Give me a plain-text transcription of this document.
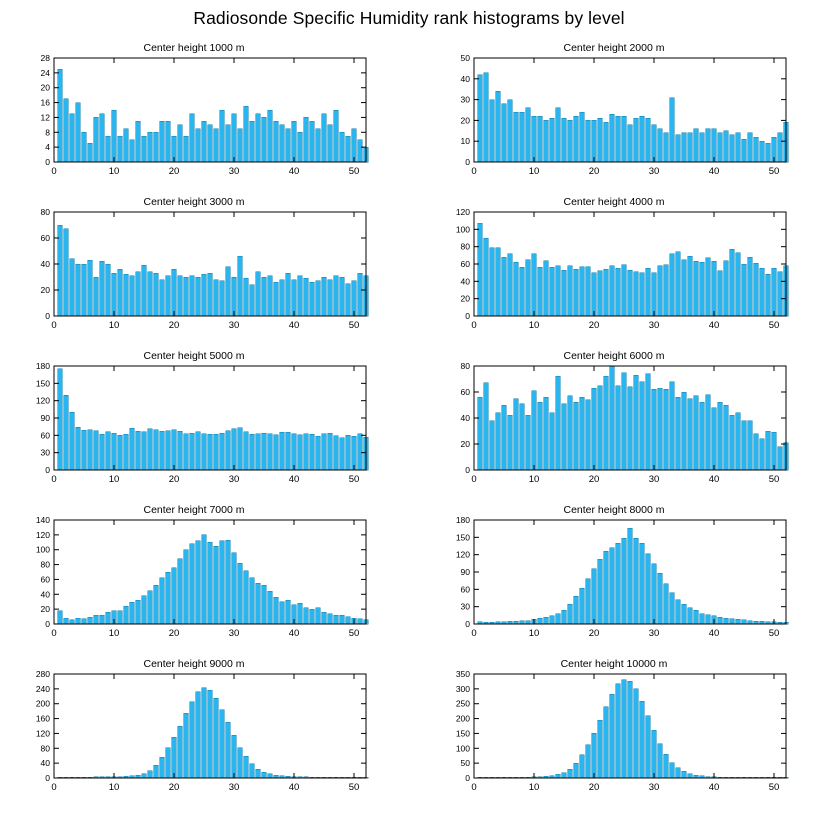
Radiosonde Specific Humidity rank histograms by level
Center height 1000 m
0
4
8
12
16
20
24
28
0	10	20	30	40	50
Center height 2000 m
0
10
20
30
40
50
0	10	20	30	40	50
Center height 3000 m
0
20
40
60
80
0	10	20	30	40	50
Center height 4000 m
0
20
40
60
80
100
120
0	10	20	30	40	50
Center height 5000 m
0
30
60
90
120
150
180
0	10	20	30	40	50
Center height 6000 m
0
20
40
60
80
0	10	20	30	40	50
Center height 7000 m
0
20
40
60
80
100
120
140
0	10	20	30	40	50
Center height 8000 m
0
30
60
90
120
150
180
0	10	20	30	40	50
Center height 9000 m
0
40
80
120
160
200
240
280
0	10	20	30	40	50
Center height 10000 m
0
50
100
150
200
250
300
350
0	10	20	30	40	50
